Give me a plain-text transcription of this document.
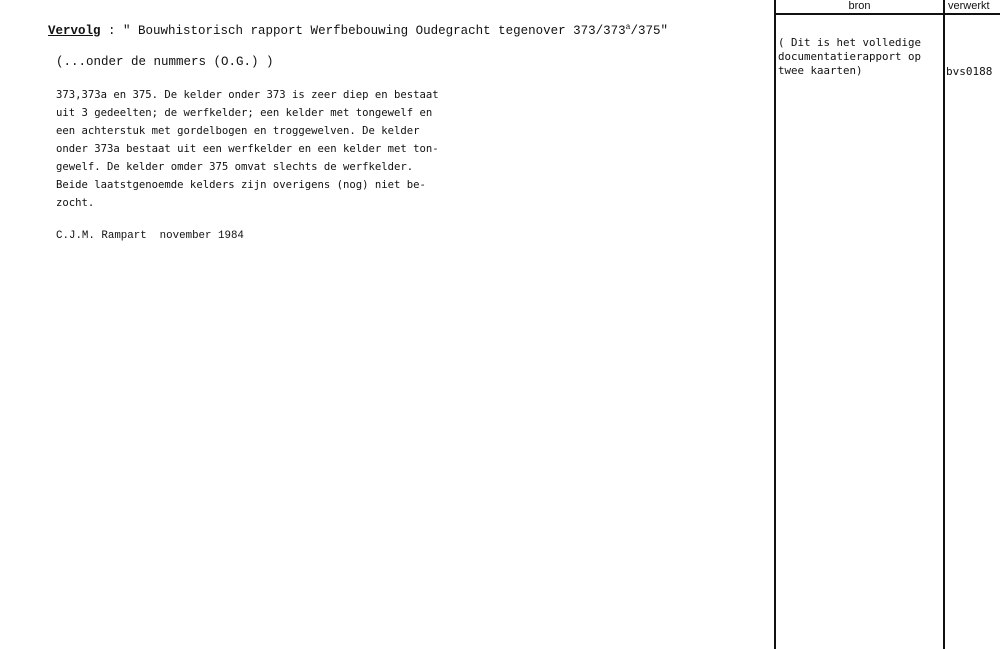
Vervolg : " Bouwhistorisch rapport Werfbebouwing Oudegracht tegenover 373/373$^a$/375"
(...onder de nummers (O.G.) )
373,373a en 375. De kelder onder 373 is zeer diep en bestaat
uit 3 gedeelten; de werfkelder; een kelder met tongewelf en
een achterstuk met gordelbogen en troggewelven. De kelder
onder 373a bestaat uit een werfkelder en een kelder met ton-
gewelf. De kelder omder 375 omvat slechts de werfkelder.
Beide laatstgenoemde kelders zijn overigens (nog) niet be-
zocht.
C.J.M. Rampart  november 1984
bron	verwerkt
( Dit is het volledige
documentatierapport op
twee kaarten)	bvs0188
